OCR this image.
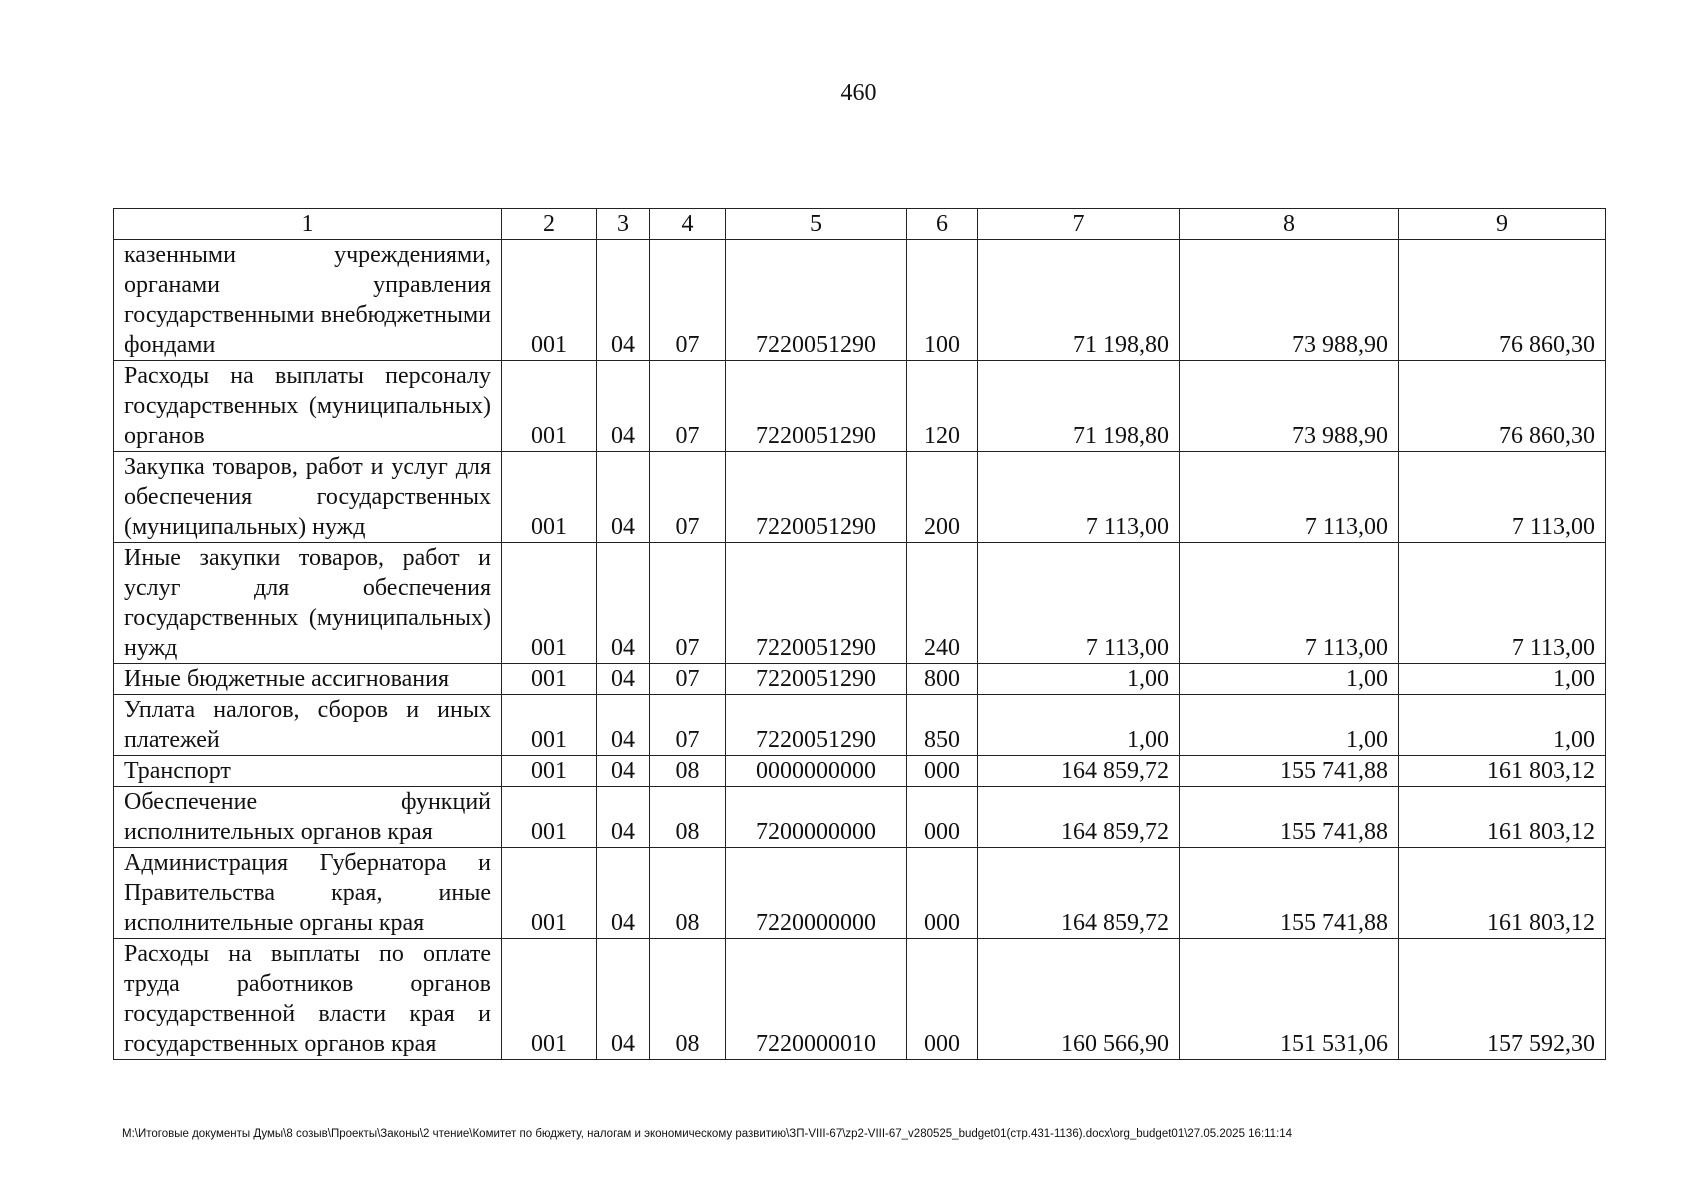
460
1	2	3	4	5	6	7	8	9
казенными учреждениями, органами управления государственными внебюджетными фондами	001	04	07	7220051290	100	71 198,80	73 988,90	76 860,30
Расходы на выплаты персоналу государственных (муниципальных) органов	001	04	07	7220051290	120	71 198,80	73 988,90	76 860,30
Закупка товаров, работ и услуг для обеспечения государственных (муниципальных) нужд	001	04	07	7220051290	200	7 113,00	7 113,00	7 113,00
Иные закупки товаров, работ и услуг для обеспечения государственных (муниципальных) нужд	001	04	07	7220051290	240	7 113,00	7 113,00	7 113,00
Иные бюджетные ассигнования	001	04	07	7220051290	800	1,00	1,00	1,00
Уплата налогов, сборов и иных платежей	001	04	07	7220051290	850	1,00	1,00	1,00
Транспорт	001	04	08	0000000000	000	164 859,72	155 741,88	161 803,12
Обеспечение функций исполнительных органов края	001	04	08	7200000000	000	164 859,72	155 741,88	161 803,12
Администрация Губернатора и Правительства края, иные исполнительные органы края	001	04	08	7220000000	000	164 859,72	155 741,88	161 803,12
Расходы на выплаты по оплате труда работников органов государственной власти края и государственных органов края	001	04	08	7220000010	000	160 566,90	151 531,06	157 592,30
M:\Итоговые документы Думы\8 созыв\Проекты\Законы\2 чтение\Комитет по бюджету, налогам и экономическому развитию\ЗП-VIII-67\zp2-VIII-67_v280525_budget01(стр.431-1136).docx\org_budget01\27.05.2025 16:11:14
